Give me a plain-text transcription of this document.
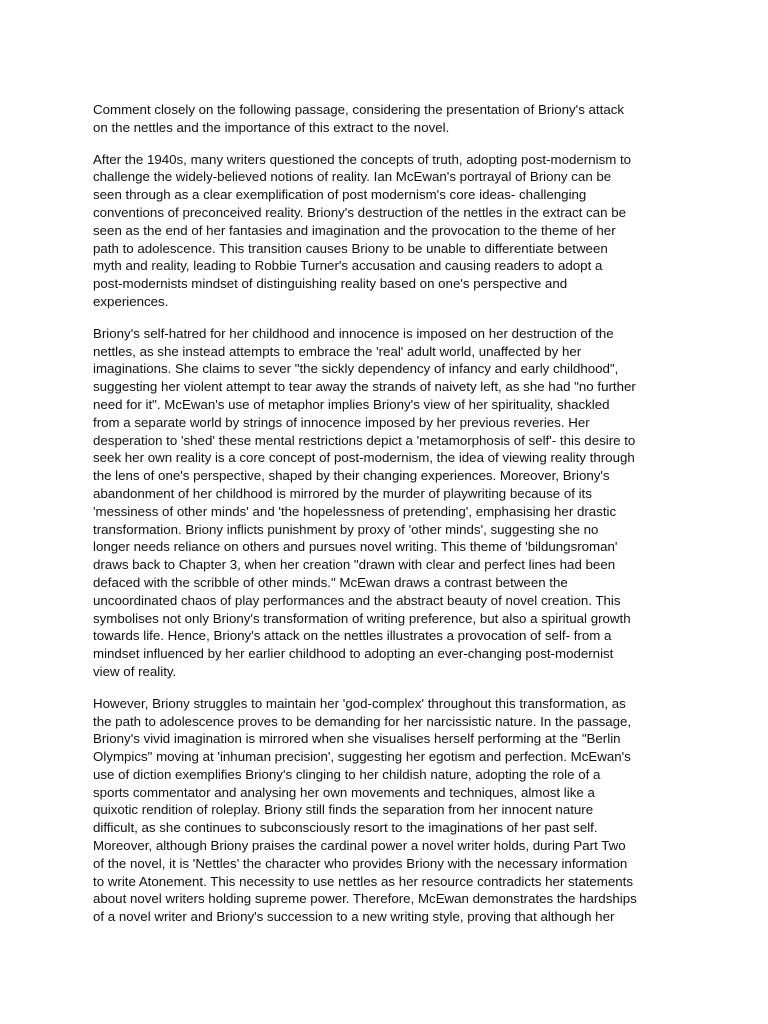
Comment closely on the following passage, considering the presentation of Briony's attack
on the nettles and the importance of this extract to the novel.

After the 1940s, many writers questioned the concepts of truth, adopting post-modernism to
challenge the widely-believed notions of reality. Ian McEwan's portrayal of Briony can be
seen through as a clear exemplification of post modernism's core ideas- challenging
conventions of preconceived reality. Briony's destruction of the nettles in the extract can be
seen as the end of her fantasies and imagination and the provocation to the theme of her
path to adolescence. This transition causes Briony to be unable to differentiate between
myth and reality, leading to Robbie Turner's accusation and causing readers to adopt a
post-modernists mindset of distinguishing reality based on one's perspective and
experiences.

Briony's self-hatred for her childhood and innocence is imposed on her destruction of the
nettles, as she instead attempts to embrace the 'real' adult world, unaffected by her
imaginations. She claims to sever "the sickly dependency of infancy and early childhood",
suggesting her violent attempt to tear away the strands of naivety left, as she had "no further
need for it". McEwan's use of metaphor implies Briony's view of her spirituality, shackled
from a separate world by strings of innocence imposed by her previous reveries. Her
desperation to 'shed' these mental restrictions depict a 'metamorphosis of self'- this desire to
seek her own reality is a core concept of post-modernism, the idea of viewing reality through
the lens of one's perspective, shaped by their changing experiences. Moreover, Briony's
abandonment of her childhood is mirrored by the murder of playwriting because of its
'messiness of other minds' and 'the hopelessness of pretending', emphasising her drastic
transformation. Briony inflicts punishment by proxy of 'other minds', suggesting she no
longer needs reliance on others and pursues novel writing. This theme of 'bildungsroman'
draws back to Chapter 3, when her creation "drawn with clear and perfect lines had been
defaced with the scribble of other minds." McEwan draws a contrast between the
uncoordinated chaos of play performances and the abstract beauty of novel creation. This
symbolises not only Briony's transformation of writing preference, but also a spiritual growth
towards life. Hence, Briony's attack on the nettles illustrates a provocation of self- from a
mindset influenced by her earlier childhood to adopting an ever-changing post-modernist
view of reality.

However, Briony struggles to maintain her 'god-complex' throughout this transformation, as
the path to adolescence proves to be demanding for her narcissistic nature. In the passage,
Briony's vivid imagination is mirrored when she visualises herself performing at the "Berlin
Olympics" moving at 'inhuman precision', suggesting her egotism and perfection. McEwan's
use of diction exemplifies Briony's clinging to her childish nature, adopting the role of a
sports commentator and analysing her own movements and techniques, almost like a
quixotic rendition of roleplay. Briony still finds the separation from her innocent nature
difficult, as she continues to subconsciously resort to the imaginations of her past self.
Moreover, although Briony praises the cardinal power a novel writer holds, during Part Two
of the novel, it is 'Nettles' the character who provides Briony with the necessary information
to write Atonement. This necessity to use nettles as her resource contradicts her statements
about novel writers holding supreme power. Therefore, McEwan demonstrates the hardships
of a novel writer and Briony's succession to a new writing style, proving that although her
